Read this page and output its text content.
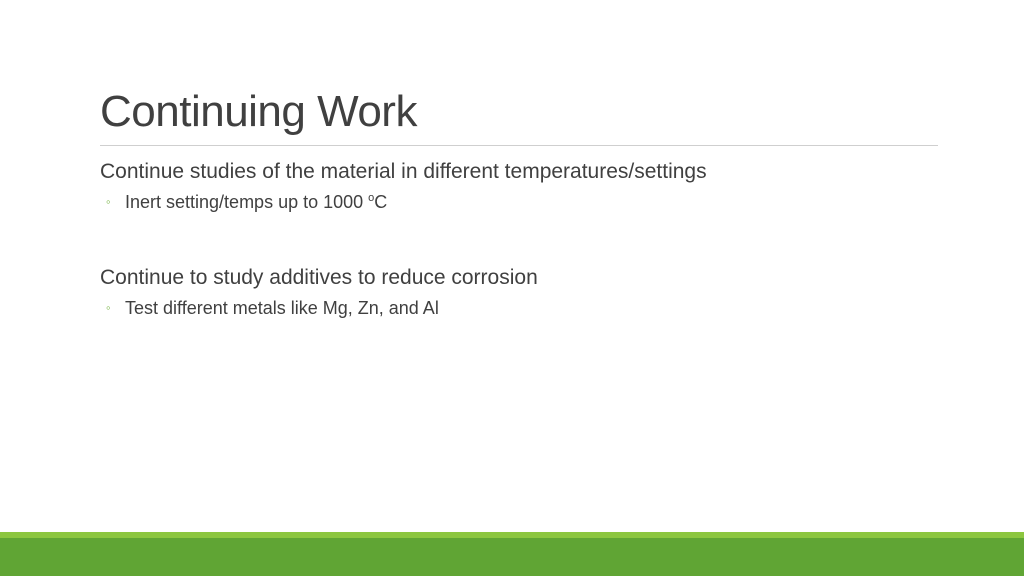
Continuing Work

Continue studies of the material in different temperatures/settings

◦ Inert setting/temps up to 1000 $^o$C

Continue to study additives to reduce corrosion

◦ Test different metals like Mg, Zn, and Al
